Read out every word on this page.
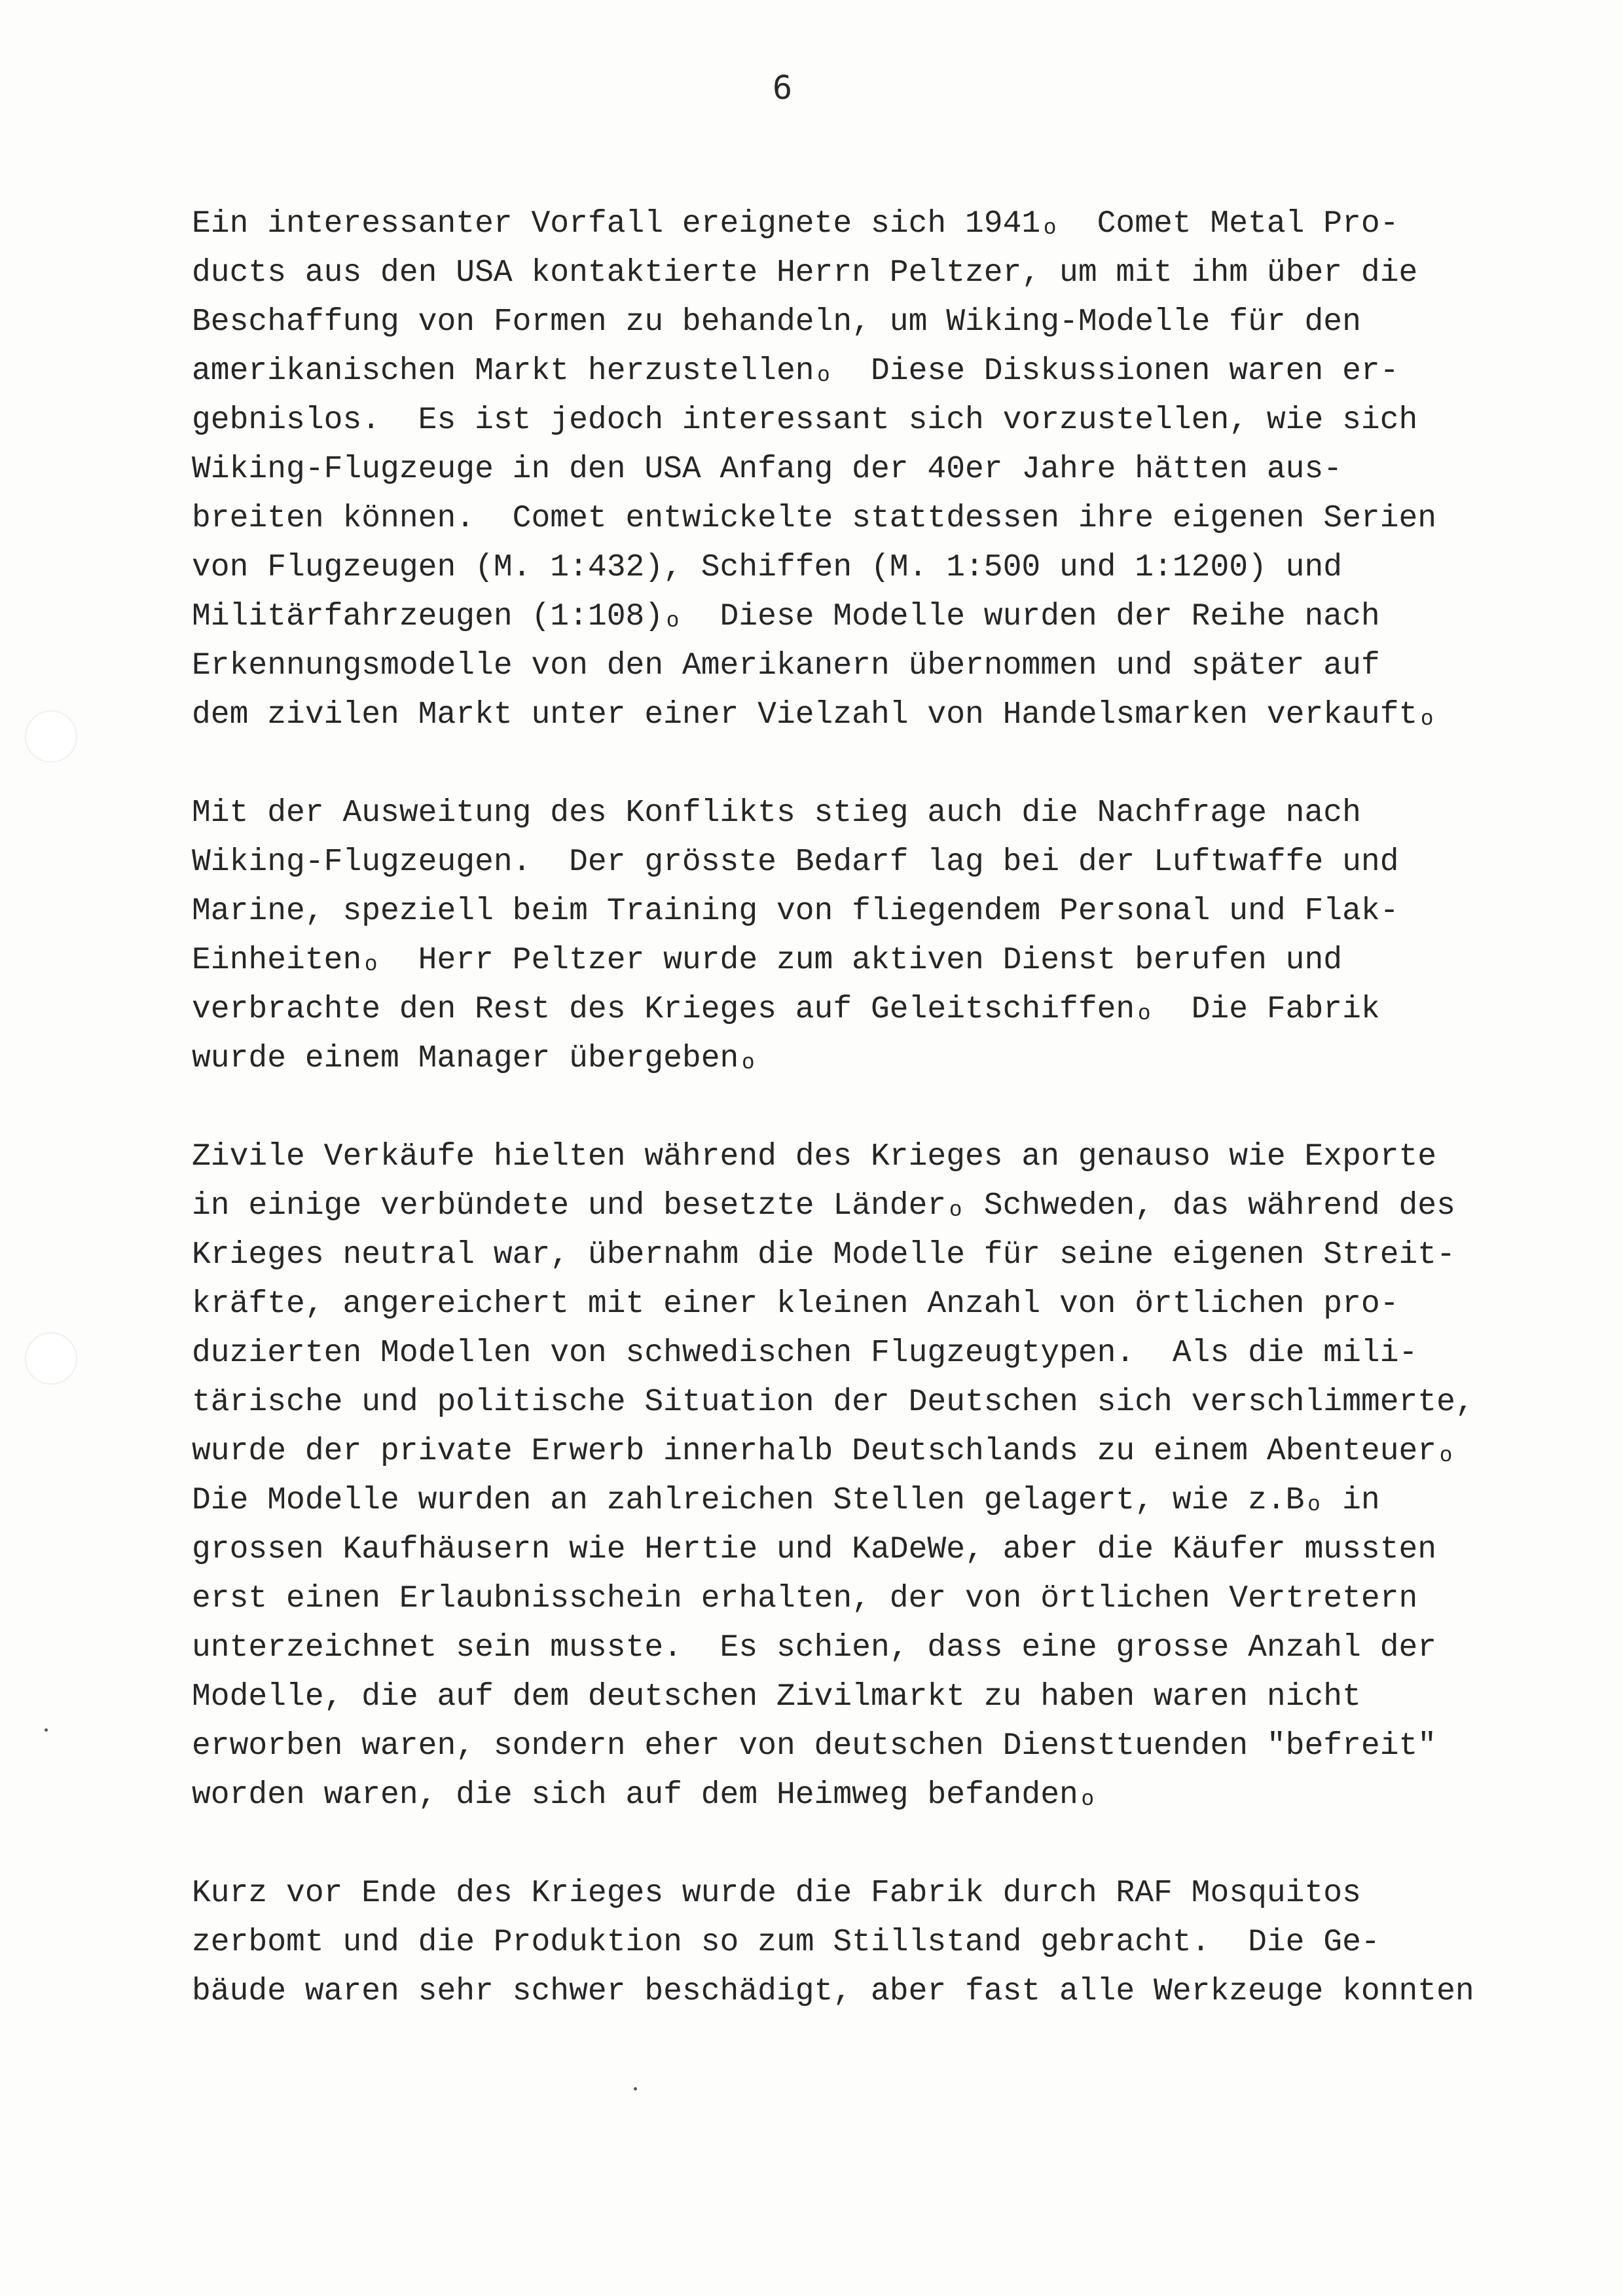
6
Ein interessanter Vorfall ereignete sich 1941ₒ  Comet Metal Pro-
ducts aus den USA kontaktierte Herrn Peltzer, um mit ihm über die
Beschaffung von Formen zu behandeln, um Wiking-Modelle für den
amerikanischen Markt herzustellenₒ  Diese Diskussionen waren er-
gebnislos.  Es ist jedoch interessant sich vorzustellen, wie sich
Wiking-Flugzeuge in den USA Anfang der 40er Jahre hätten aus-
breiten können.  Comet entwickelte stattdessen ihre eigenen Serien
von Flugzeugen (M. 1:432), Schiffen (M. 1:500 und 1:1200) und
Militärfahrzeugen (1:108)ₒ  Diese Modelle wurden der Reihe nach
Erkennungsmodelle von den Amerikanern übernommen und später auf
dem zivilen Markt unter einer Vielzahl von Handelsmarken verkauftₒ
Mit der Ausweitung des Konflikts stieg auch die Nachfrage nach
Wiking-Flugzeugen.  Der grösste Bedarf lag bei der Luftwaffe und
Marine, speziell beim Training von fliegendem Personal und Flak-
Einheitenₒ  Herr Peltzer wurde zum aktiven Dienst berufen und
verbrachte den Rest des Krieges auf Geleitschiffenₒ  Die Fabrik
wurde einem Manager übergebenₒ
Zivile Verkäufe hielten während des Krieges an genauso wie Exporte
in einige verbündete und besetzte Länderₒ Schweden, das während des
Krieges neutral war, übernahm die Modelle für seine eigenen Streit-
kräfte, angereichert mit einer kleinen Anzahl von örtlichen pro-
duzierten Modellen von schwedischen Flugzeugtypen.  Als die mili-
tärische und politische Situation der Deutschen sich verschlimmerte,
wurde der private Erwerb innerhalb Deutschlands zu einem Abenteuerₒ
Die Modelle wurden an zahlreichen Stellen gelagert, wie z.Bₒ in
grossen Kaufhäusern wie Hertie und KaDeWe, aber die Käufer mussten
erst einen Erlaubnisschein erhalten, der von örtlichen Vertretern
unterzeichnet sein musste.  Es schien, dass eine grosse Anzahl der
Modelle, die auf dem deutschen Zivilmarkt zu haben waren nicht
erworben waren, sondern eher von deutschen Diensttuenden "befreit"
worden waren, die sich auf dem Heimweg befandenₒ
Kurz vor Ende des Krieges wurde die Fabrik durch RAF Mosquitos
zerbomt und die Produktion so zum Stillstand gebracht.  Die Ge-
bäude waren sehr schwer beschädigt, aber fast alle Werkzeuge konnten
